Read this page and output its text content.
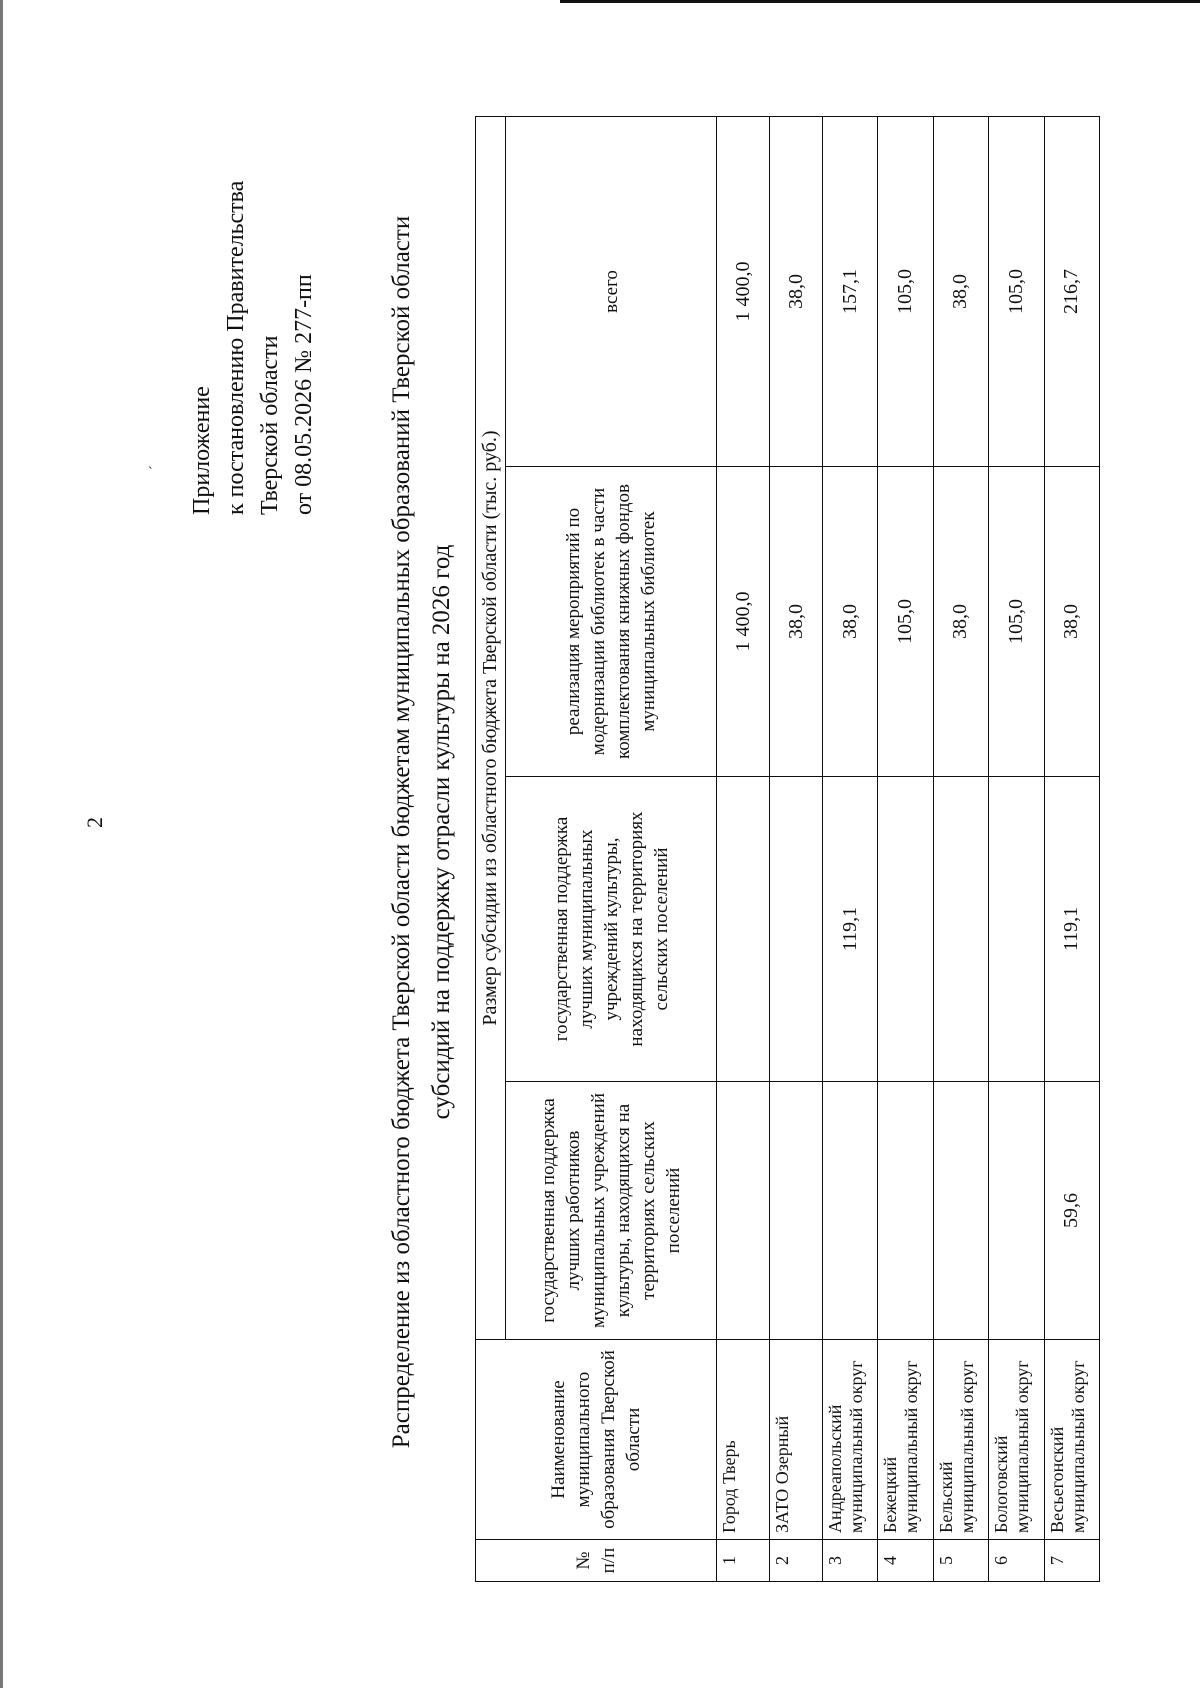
2
´ Приложение к постановлению Правительства Тверской области от 08.05.2026 № 277-пп	Распределение из областного бюджета Тверской области бюджетам муниципальных образований Тверской области субсидий на поддержку отрасли культуры на 2026 год
№ п/п	Наименование муниципального образования Тверской области	Размер субсидии из областного бюджета Тверской области (тыс. руб.)			
		государственная поддержка лучших работников муниципальных учреждений культуры, находящихся на территориях сельских поселений	государственная поддержка лучших муниципальных учреждений культуры, находящихся на территориях сельских поселений	реализация мероприятий по модернизации библиотек в части комплектования книжных фондов муниципальных библиотек	всего
1	Город Тверь			1 400,0	1 400,0
2	ЗАТО Озерный			38,0	38,0
3	Андреапольский муниципальный округ		119,1	38,0	157,1
4	Бежецкий муниципальный округ			105,0	105,0
5	Бельский муниципальный округ			38,0	38,0
6	Бологовский муниципальный округ			105,0	105,0
7	Весьегонский муниципальный округ	59,6	119,1	38,0	216,7
